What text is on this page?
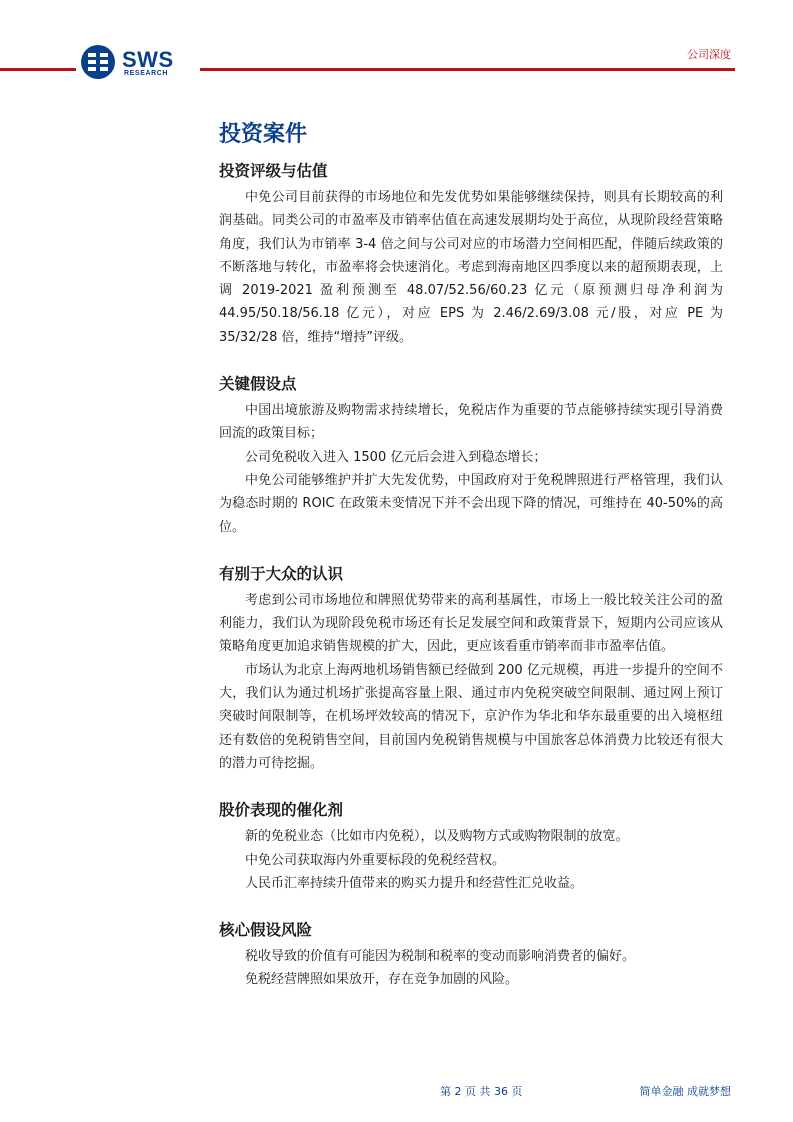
SWS
RESEARCH
公司深度
投资案件
投资评级与估值

中免公司目前获得的市场地位和先发优势如果能够继续保持，则具有长期较高的利润基础。同类公司的市盈率及市销率估值在高速发展期均处于高位，从现阶段经营策略角度，我们认为市销率 3-4 倍之间与公司对应的市场潜力空间相匹配，伴随后续政策的不断落地与转化，市盈率将会快速消化。考虑到海南地区四季度以来的超预期表现，上调 2019-2021 盈利预测至 48.07/52.56/60.23 亿元（原预测归母净利润为 44.95/50.18/56.18 亿元），对应 EPS 为 2.46/2.69/3.08 元/股，对应 PE 为 35/32/28 倍，维持“增持”评级。

关键假设点

中国出境旅游及购物需求持续增长，免税店作为重要的节点能够持续实现引导消费回流的政策目标；

公司免税收入进入 1500 亿元后会进入到稳态增长；

中免公司能够维护并扩大先发优势，中国政府对于免税牌照进行严格管理，我们认为稳态时期的 ROIC 在政策未变情况下并不会出现下降的情况，可维持在 40-50%的高位。

有别于大众的认识

考虑到公司市场地位和牌照优势带来的高利基属性，市场上一般比较关注公司的盈利能力，我们认为现阶段免税市场还有长足发展空间和政策背景下，短期内公司应该从策略角度更加追求销售规模的扩大，因此，更应该看重市销率而非市盈率估值。

市场认为北京上海两地机场销售额已经做到 200 亿元规模，再进一步提升的空间不大，我们认为通过机场扩张提高容量上限、通过市内免税突破空间限制、通过网上预订突破时间限制等，在机场坪效较高的情况下，京沪作为华北和华东最重要的出入境枢纽还有数倍的免税销售空间，目前国内免税销售规模与中国旅客总体消费力比较还有很大的潜力可待挖掘。

股价表现的催化剂

新的免税业态（比如市内免税），以及购物方式或购物限制的放宽。

中免公司获取海内外重要标段的免税经营权。

人民币汇率持续升值带来的购买力提升和经营性汇兑收益。

核心假设风险

税收导致的价值有可能因为税制和税率的变动而影响消费者的偏好。

免税经营牌照如果放开，存在竞争加剧的风险。

第 2 页 共 36 页	简单金融 成就梦想
